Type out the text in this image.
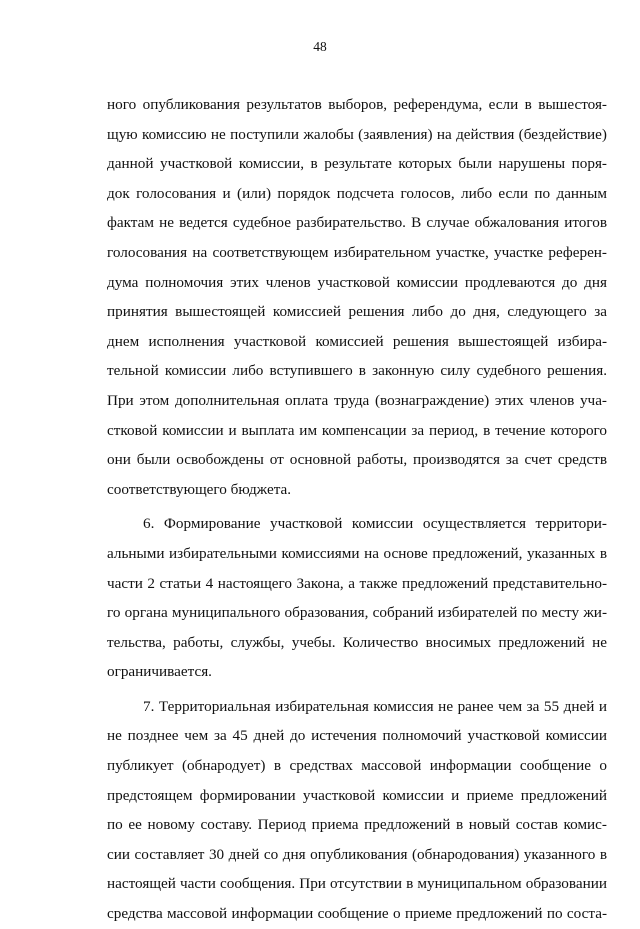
48
ного опубликования результатов выборов, референдума, если в вышестоя-
щую комиссию не поступили жалобы (заявления) на действия (бездействие)
данной участковой комиссии, в результате которых были нарушены поря-
док голосования и (или) порядок подсчета голосов, либо если по данным
фактам не ведется судебное разбирательство. В случае обжалования итогов
голосования на соответствующем избирательном участке, участке референ-
дума полномочия этих членов участковой комиссии продлеваются до дня
принятия вышестоящей комиссией решения либо до дня, следующего за
днем исполнения участковой комиссией решения вышестоящей избира-
тельной комиссии либо вступившего в законную силу судебного решения.
При этом дополнительная оплата труда (вознаграждение) этих членов уча-
стковой комиссии и выплата им компенсации за период, в течение которого
они были освобождены от основной работы, производятся за счет средств
соответствующего бюджета.
6. Формирование участковой комиссии осуществляется территори-
альными избирательными комиссиями на основе предложений, указанных в
части 2 статьи 4 настоящего Закона, а также предложений представительно-
го органа муниципального образования, собраний избирателей по месту жи-
тельства, работы, службы, учебы. Количество вносимых предложений не
ограничивается.
7. Территориальная избирательная комиссия не ранее чем за 55 дней и
не позднее чем за 45 дней до истечения полномочий участковой комиссии
публикует (обнародует) в средствах массовой информации сообщение о
предстоящем формировании участковой комиссии и приеме предложений
по ее новому составу. Период приема предложений в новый состав комис-
сии составляет 30 дней со дня опубликования (обнародования) указанного в
настоящей части сообщения. При отсутствии в муниципальном образовании
средства массовой информации сообщение о приеме предложений по соста-
